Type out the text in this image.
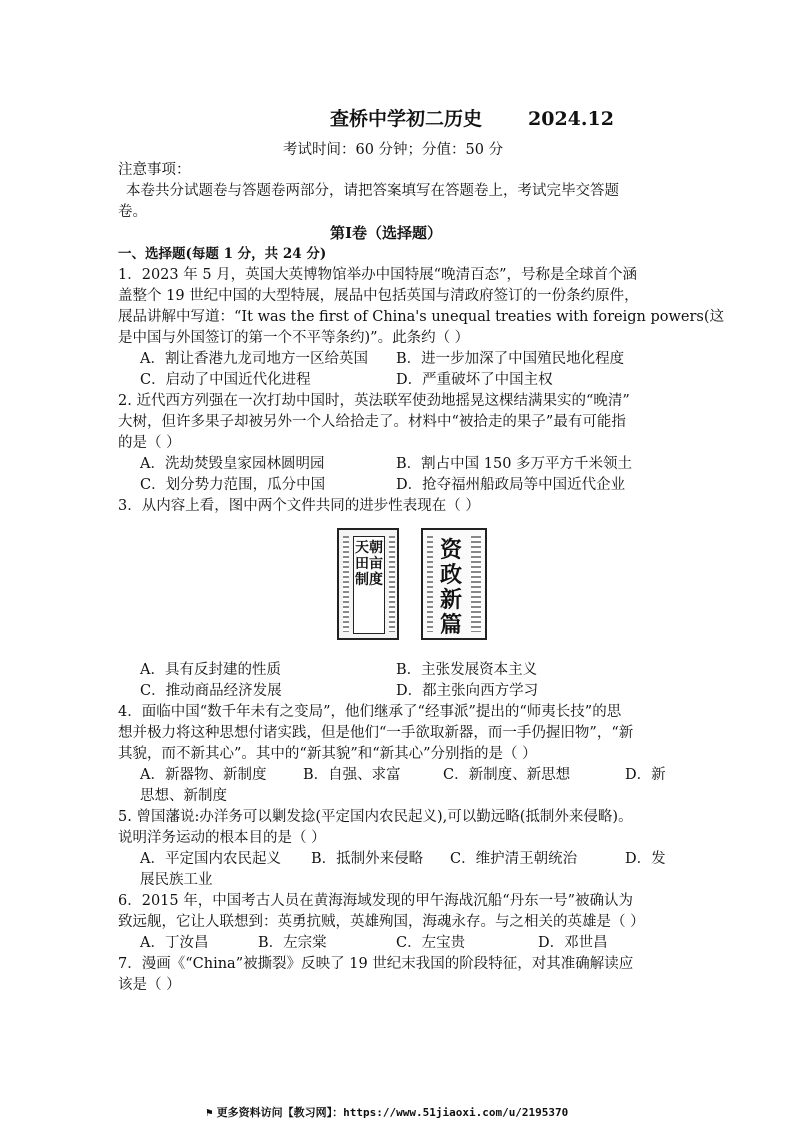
查桥中学初二历史 2024.12
考试时间：60 分钟；分值：50 分
注意事项：
本卷共分试题卷与答题卷两部分，请把答案填写在答题卷上，考试完毕交答题
卷。
第Ⅰ卷（选择题）
一、选择题(每题 1 分，共 24 分)
1．2023 年 5 月，英国大英博物馆举办中国特展“晚清百态”，号称是全球首个涵
盖整个 19 世纪中国的大型特展，展品中包括英国与清政府签订的一份条约原件，
展品讲解中写道：“It was the first of China's unequal treaties with foreign powers(这
是中国与外国签订的第一个不平等条约)”。此条约（ ）
A．割让香港九龙司地方一区给英国 B．进一步加深了中国殖民地化程度
C．启动了中国近代化进程	D．严重破坏了中国主权
2. 近代西方列强在一次打劫中国时，英法联军使劲地摇晃这棵结满果实的“晚清”
大树，但许多果子却被另外一个人给拾走了。材料中“被拾走的果子”最有可能指
的是（ ）
A．洗劫焚毁皇家园林圆明园	B．割占中国 150 多万平方千米领土
C．划分势力范围，瓜分中国	D．抢夺福州船政局等中国近代企业
3．从内容上看，图中两个文件共同的进步性表现在（ ）
天朝田亩制度
资政新篇
A．具有反封建的性质	B．主张发展资本主义
C．推动商品经济发展	D．都主张向西方学习
4．面临中国“数千年未有之变局”，他们继承了“经事派”提出的“师夷长技”的思
想并极力将这种思想付诸实践，但是他们“一手欲取新器，而一手仍握旧物”，“新
其貌，而不新其心”。其中的“新其貌”和“新其心”分别指的是（ ）
A．新器物、新制度	B．自强、求富	C．新制度、新思想	D．新
思想、新制度
5. 曾国藩说:办洋务可以剿发捻(平定国内农民起义),可以勤远略(抵制外来侵略)。
说明洋务运动的根本目的是（ ）
A．平定国内农民起义 B．抵制外来侵略 C．维护清王朝统治	D．发
展民族工业
6．2015 年，中国考古人员在黄海海域发现的甲午海战沉船“丹东一号”被确认为
致远舰，它让人联想到：英勇抗贼，英雄殉国，海魂永存。与之相关的英雄是（ ）
A．丁汝昌	B．左宗棠	C．左宝贵	D．邓世昌
7．漫画《“China”被撕裂》反映了 19 世纪末我国的阶段特征，对其准确解读应
该是（ ）
⚑ 更多资料访问【教习网】：https://www.51jiaoxi.com/u/2195370
